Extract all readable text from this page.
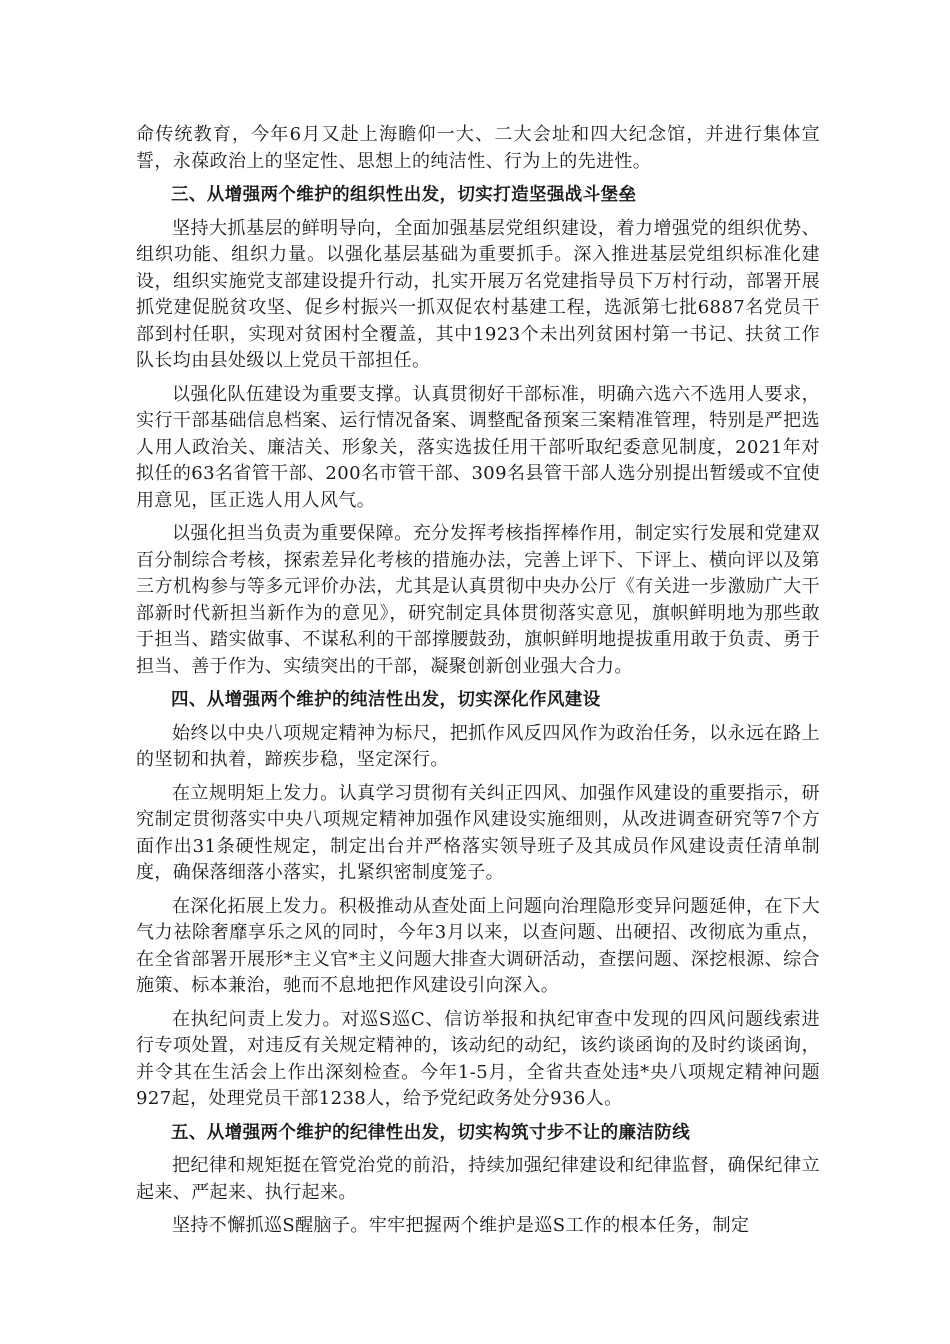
命传统教育，今年6月又赴上海瞻仰一大、二大会址和四大纪念馆，并进行集体宣誓，永葆政治上的坚定性、思想上的纯洁性、行为上的先进性。

三、从增强两个维护的组织性出发，切实打造坚强战斗堡垒

坚持大抓基层的鲜明导向，全面加强基层党组织建设，着力增强党的组织优势、组织功能、组织力量。以强化基层基础为重要抓手。深入推进基层党组织标准化建设，组织实施党支部建设提升行动，扎实开展万名党建指导员下万村行动，部署开展抓党建促脱贫攻坚、促乡村振兴一抓双促农村基建工程，选派第七批6887名党员干部到村任职，实现对贫困村全覆盖，其中1923个未出列贫困村第一书记、扶贫工作队长均由县处级以上党员干部担任。

以强化队伍建设为重要支撑。认真贯彻好干部标准，明确六选六不选用人要求，实行干部基础信息档案、运行情况备案、调整配备预案三案精准管理，特别是严把选人用人政治关、廉洁关、形象关，落实选拔任用干部听取纪委意见制度，2021年对拟任的63名省管干部、200名市管干部、309名县管干部人选分别提出暂缓或不宜使用意见，匡正选人用人风气。

以强化担当负责为重要保障。充分发挥考核指挥棒作用，制定实行发展和党建双百分制综合考核，探索差异化考核的措施办法，完善上评下、下评上、横向评以及第三方机构参与等多元评价办法，尤其是认真贯彻中央办公厅《有关进一步激励广大干部新时代新担当新作为的意见》，研究制定具体贯彻落实意见，旗帜鲜明地为那些敢于担当、踏实做事、不谋私利的干部撑腰鼓劲，旗帜鲜明地提拔重用敢于负责、勇于担当、善于作为、实绩突出的干部，凝聚创新创业强大合力。

四、从增强两个维护的纯洁性出发，切实深化作风建设

始终以中央八项规定精神为标尺，把抓作风反四风作为政治任务，以永远在路上的坚韧和执着，蹄疾步稳，坚定深行。

在立规明矩上发力。认真学习贯彻有关纠正四风、加强作风建设的重要指示，研究制定贯彻落实中央八项规定精神加强作风建设实施细则，从改进调查研究等7个方面作出31条硬性规定，制定出台并严格落实领导班子及其成员作风建设责任清单制度，确保落细落小落实，扎紧织密制度笼子。

在深化拓展上发力。积极推动从查处面上问题向治理隐形变异问题延伸，在下大气力祛除奢靡享乐之风的同时，今年3月以来，以查问题、出硬招、改彻底为重点，在全省部署开展形*主义官*主义问题大排查大调研活动，查摆问题、深挖根源、综合施策、标本兼治，驰而不息地把作风建设引向深入。

在执纪问责上发力。对巡S巡C、信访举报和执纪审查中发现的四风问题线索进行专项处置，对违反有关规定精神的，该动纪的动纪，该约谈函询的及时约谈函询，并令其在生活会上作出深刻检查。今年1-5月，全省共查处违*央八项规定精神问题927起，处理党员干部1238人，给予党纪政务处分936人。

五、从增强两个维护的纪律性出发，切实构筑寸步不让的廉洁防线

把纪律和规矩挺在管党治党的前沿，持续加强纪律建设和纪律监督，确保纪律立起来、严起来、执行起来。

坚持不懈抓巡S醒脑子。牢牢把握两个维护是巡S工作的根本任务，制定
